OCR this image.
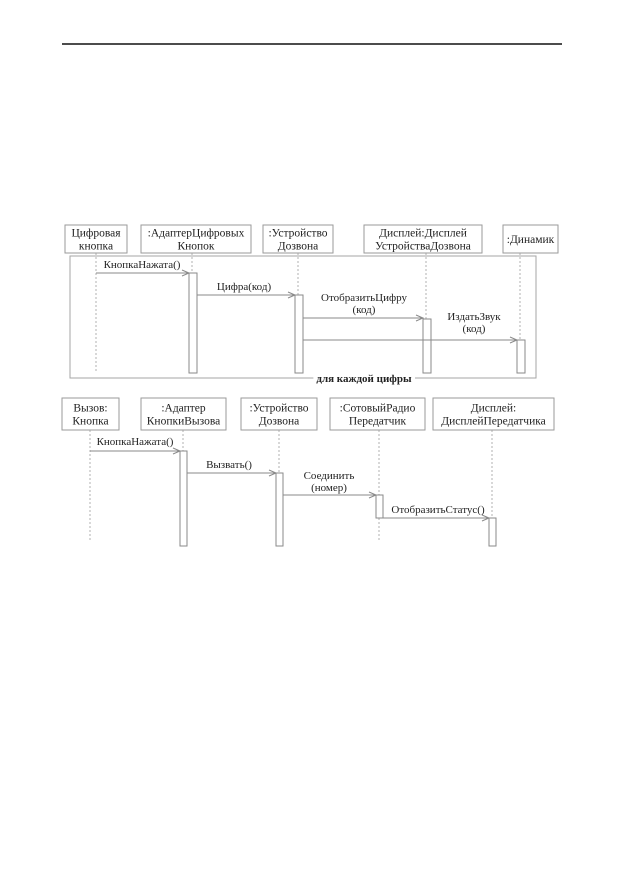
Цифровая кнопка
:АдаптерЦифровых Кнопок
:Устройство Дозвона
Дисплей:Дисплей УстройстваДозвона
:Динамик
КнопкаНажата()
Цифра(код)
ОтобразитьЦифру (код)
ИздатьЗвук (код)
для каждой цифры
Вызов: Кнопка
:Адаптер КнопкиВызова
:Устройство Дозвона
:СотовыйРадио Передатчик
Дисплей: ДисплейПередатчика
КнопкаНажата()
Вызвать()
Соединить (номер)
ОтобразитьСтатус()
